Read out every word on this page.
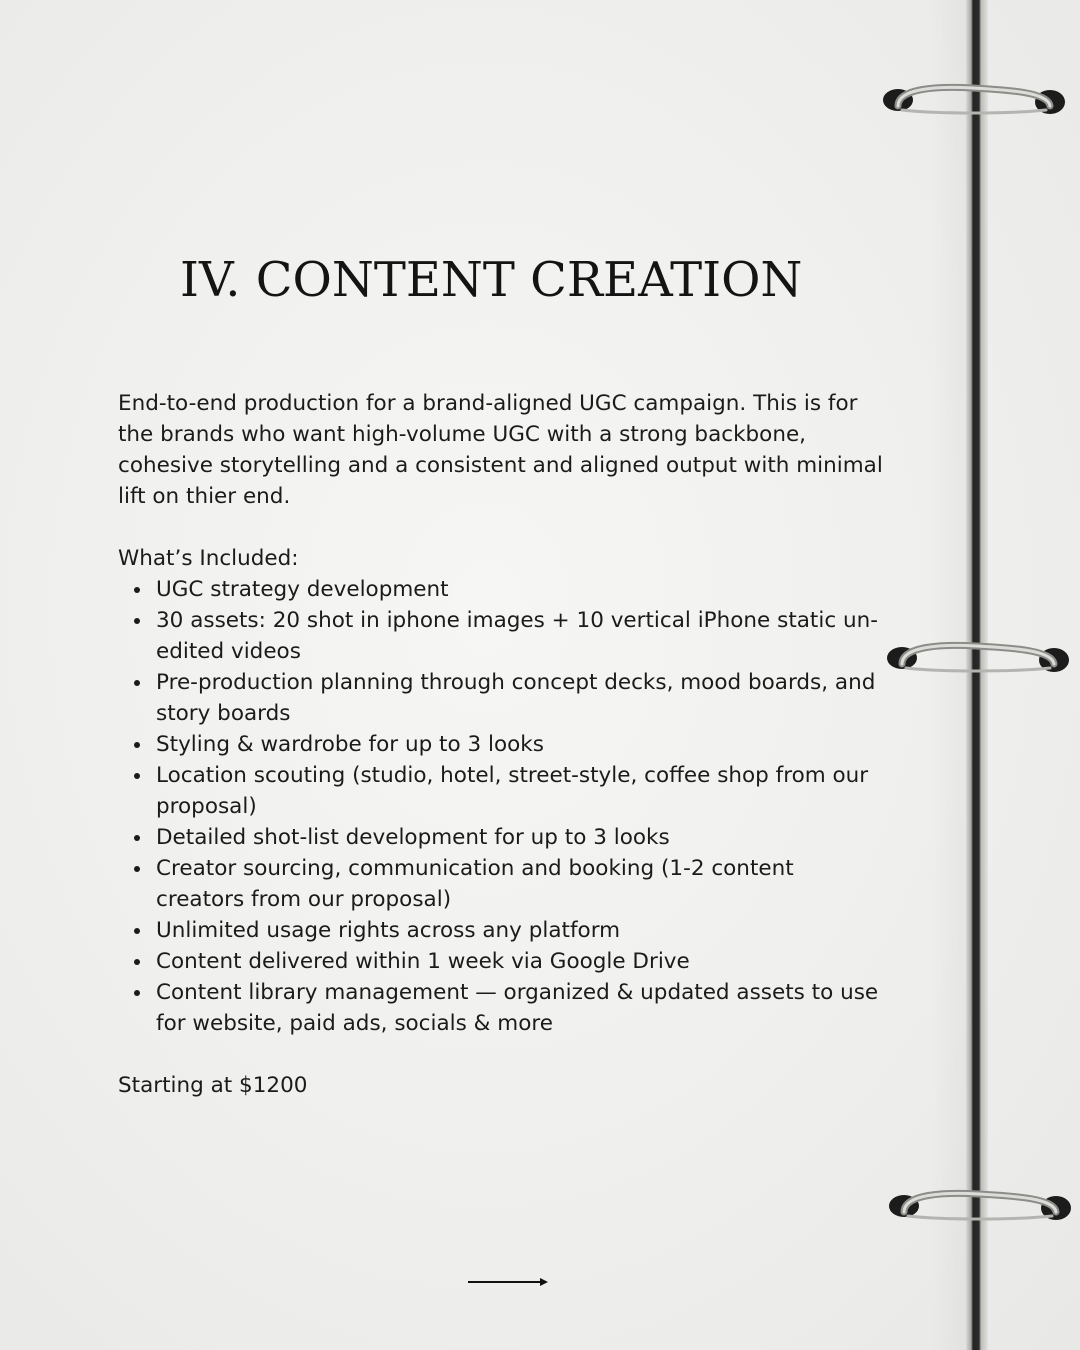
IV. CONTENT CREATION

End-to-end production for a brand-aligned UGC campaign. This is for the brands who want high-volume UGC with a strong backbone, cohesive storytelling and a consistent and aligned output with minimal lift on thier end.

What’s Included:

UGC strategy development
30 assets: 20 shot in iphone images + 10 vertical iPhone static un-edited videos
Pre-production planning through concept decks, mood boards, and story boards
Styling & wardrobe for up to 3 looks
Location scouting (studio, hotel, street-style, coffee shop from our proposal)
Detailed shot-list development for up to 3 looks
Creator sourcing, communication and booking (1-2 content creators from our proposal)
Unlimited usage rights across any platform
Content delivered within 1 week via Google Drive
Content library management — organized & updated assets to use for website, paid ads, socials & more

Starting at $1200
